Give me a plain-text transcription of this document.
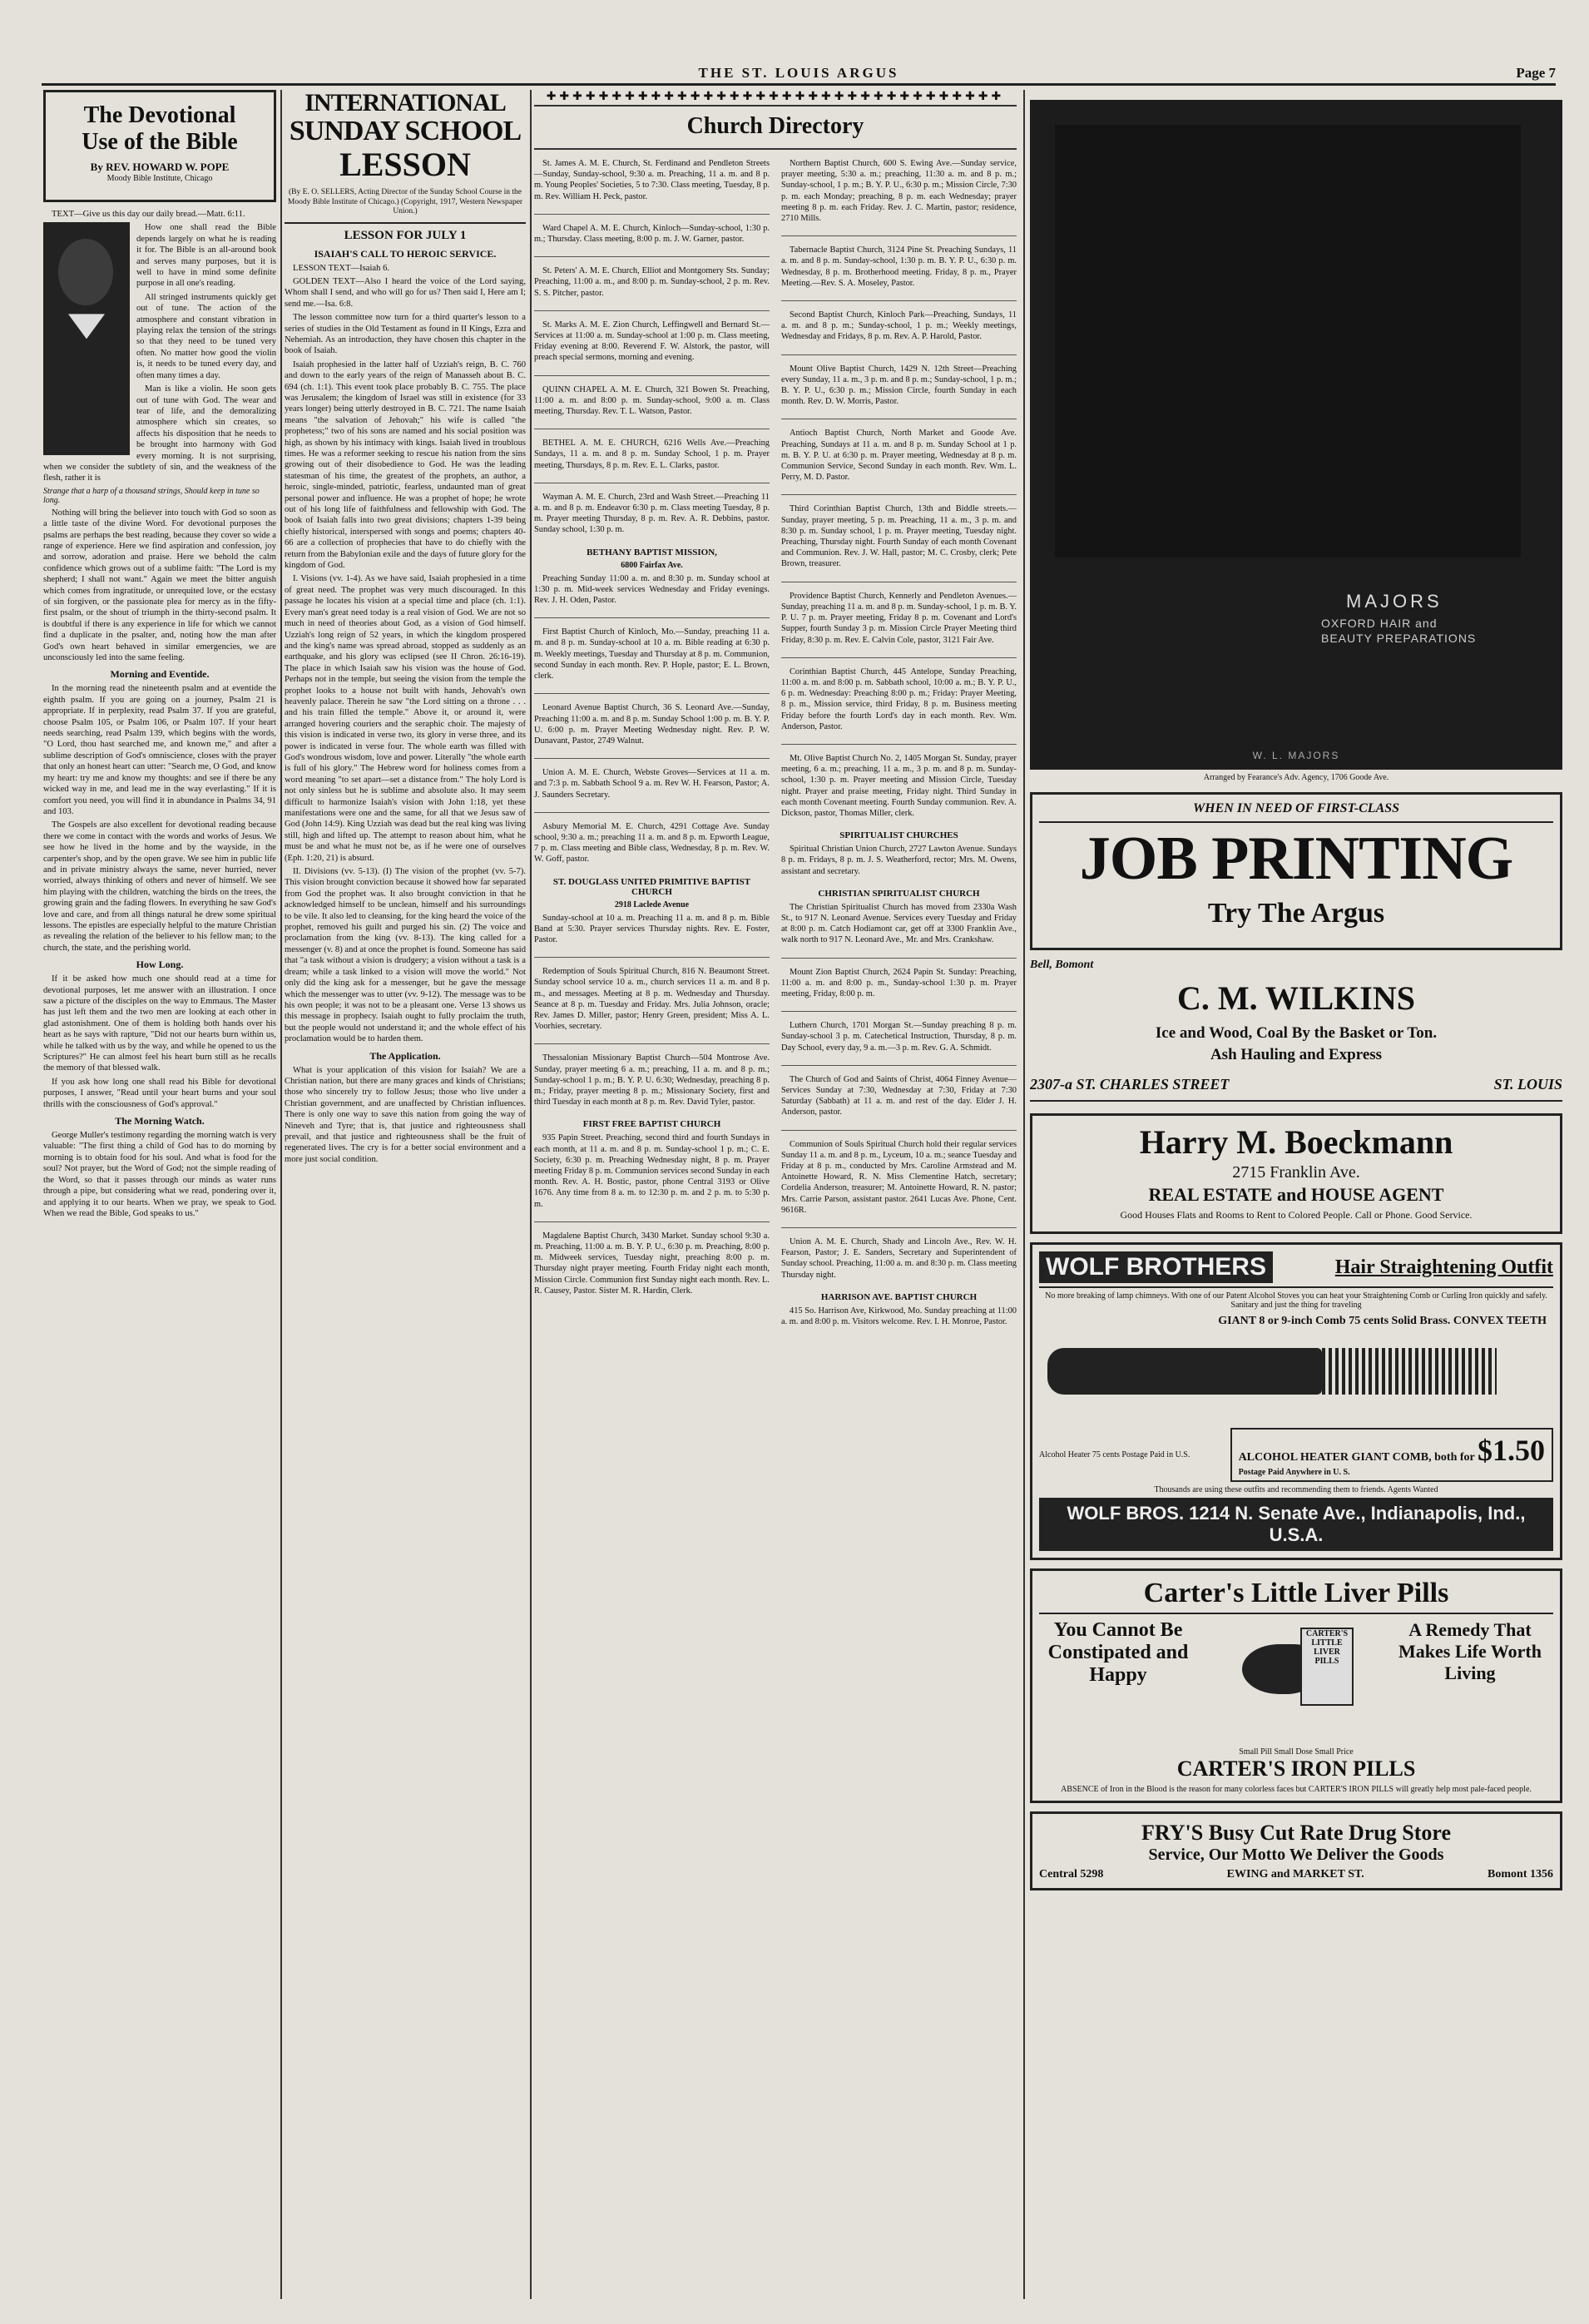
THE ST. LOUIS ARGUS	Page 7
The Devotional
Use of the Bible
By REV. HOWARD W. POPE
Moody Bible Institute, Chicago

TEXT—Give us this day our daily bread.—Matt. 6:11.

How one shall read the Bible depends largely on what he is reading it for. The Bible is an all-around book and serves many purposes, but it is well to have in mind some definite purpose in all one's reading.

All stringed instruments quickly get out of tune. The action of the atmosphere and constant vibration in playing relax the tension of the strings so that they need to be tuned very often. No matter how good the violin is, it needs to be tuned every day, and often many times a day.

Man is like a violin. He soon gets out of tune with God. The wear and tear of life, and the demoralizing atmosphere which sin creates, so affects his disposition that he needs to be brought into harmony with God every morning. It is not surprising, when we consider the subtlety of sin, and the weakness of the flesh, rather it is

Strange that a harp of a thousand strings, Should keep in tune so long.

Nothing will bring the believer into touch with God so soon as a little taste of the divine Word. For devotional purposes the psalms are perhaps the best reading, because they cover so wide a range of experience. Here we find aspiration and confession, joy and sorrow, adoration and praise. Here we behold the calm confidence which grows out of a sublime faith: "The Lord is my shepherd; I shall not want." Again we meet the bitter anguish which comes from ingratitude, or unrequited love, or the ecstasy of sin forgiven, or the passionate plea for mercy as in the fifty-first psalm, or the shout of triumph in the thirty-second psalm. It is doubtful if there is any experience in life for which we cannot find a duplicate in the psalter, and, noting how the man after God's own heart behaved in similar emergencies, we are unconsciously led into the same feeling.

Morning and Eventide.

In the morning read the nineteenth psalm and at eventide the eighth psalm. If you are going on a journey, Psalm 21 is appropriate. If in perplexity, read Psalm 37. If you are grateful, choose Psalm 105, or Psalm 106, or Psalm 107. If your heart needs searching, read Psalm 139, which begins with the words, "O Lord, thou hast searched me, and known me," and after a sublime description of God's omniscience, closes with the prayer that only an honest heart can utter: "Search me, O God, and know my heart: try me and know my thoughts: and see if there be any wicked way in me, and lead me in the way everlasting." If it is comfort you need, you will find it in abundance in Psalms 34, 91 and 103.

The Gospels are also excellent for devotional reading because there we come in contact with the words and works of Jesus. We see how he lived in the home and by the wayside, in the carpenter's shop, and by the open grave. We see him in public life and in private ministry always the same, never hurried, never worried, always thinking of others and never of himself. We see him playing with the children, watching the birds on the trees, the growing grain and the fading flowers. In everything he saw God's love and care, and from all things natural he drew some spiritual lessons. The epistles are especially helpful to the mature Christian as revealing the relation of the believer to his fellow man; to the church, the state, and the perishing world.

How Long.

If it be asked how much one should read at a time for devotional purposes, let me answer with an illustration. I once saw a picture of the disciples on the way to Emmaus. The Master has just left them and the two men are looking at each other in glad astonishment. One of them is holding both hands over his heart as he says with rapture, "Did not our hearts burn within us, while he talked with us by the way, and while he opened to us the Scriptures?" He can almost feel his heart burn still as he recalls the memory of that blessed walk.

If you ask how long one shall read his Bible for devotional purposes, I answer, "Read until your heart burns and your soul thrills with the consciousness of God's approval."

The Morning Watch.

George Muller's testimony regarding the morning watch is very valuable: "The first thing a child of God has to do morning by morning is to obtain food for his soul. And what is food for the soul? Not prayer, but the Word of God; not the simple reading of the Word, so that it passes through our minds as water runs through a pipe, but considering what we read, pondering over it, and applying it to our hearts. When we pray, we speak to God. When we read the Bible, God speaks to us."

INTERNATIONAL
SUNDAY SCHOOL
LESSON
(By E. O. SELLERS, Acting Director of the Sunday School Course in the Moody Bible Institute of Chicago.) (Copyright, 1917, Western Newspaper Union.)
LESSON FOR JULY 1
ISAIAH'S CALL TO HEROIC SERVICE.

LESSON TEXT—Isaiah 6.

GOLDEN TEXT—Also I heard the voice of the Lord saying, Whom shall I send, and who will go for us? Then said I, Here am I; send me.—Isa. 6:8.

The lesson committee now turn for a third quarter's lesson to a series of studies in the Old Testament as found in II Kings, Ezra and Nehemiah. As an introduction, they have chosen this chapter in the book of Isaiah.

Isaiah prophesied in the latter half of Uzziah's reign, B. C. 760 and down to the early years of the reign of Manasseh about B. C. 694 (ch. 1:1). This event took place probably B. C. 755. The place was Jerusalem; the kingdom of Israel was still in existence (for 33 years longer) being utterly destroyed in B. C. 721. The name Isaiah means "the salvation of Jehovah;" his wife is called "the prophetess;" two of his sons are named and his social position was high, as shown by his intimacy with kings. Isaiah lived in troublous times. He was a reformer seeking to rescue his nation from the sins growing out of their disobedience to God. He was the leading statesman of his time, the greatest of the prophets, an author, a heroic, single-minded, patriotic, fearless, undaunted man of great personal power and influence. He was a prophet of hope; he wrote out of his long life of faithfulness and fellowship with God. The book of Isaiah falls into two great divisions; chapters 1-39 being chiefly historical, interspersed with songs and poems; chapters 40-66 are a collection of prophecies that have to do chiefly with the return from the Babylonian exile and the days of future glory for the kingdom of God.

I. Visions (vv. 1-4). As we have said, Isaiah prophesied in a time of great need. The prophet was very much discouraged. In this passage he locates his vision at a special time and place (ch. 1:1). Every man's great need today is a real vision of God. We are not so much in need of theories about God, as a vision of God himself. Uzziah's long reign of 52 years, in which the kingdom prospered and the king's name was spread abroad, stopped as suddenly as an earthquake, and his glory was eclipsed (see II Chron. 26:16-19). The place in which Isaiah saw his vision was the house of God. Perhaps not in the temple, but seeing the vision from the temple the prophet looks to a house not built with hands, Jehovah's own heavenly palace. Therein he saw "the Lord sitting on a throne . . . and his train filled the temple." Above it, or around it, were arranged hovering couriers and the seraphic choir. The majesty of this vision is indicated in verse two, its glory in verse three, and its power is indicated in verse four. The whole earth was filled with God's wondrous wisdom, love and power. Literally "the whole earth is full of his glory." The Hebrew word for holiness comes from a word meaning "to set apart—set a distance from." The holy Lord is not only sinless but he is sublime and absolute also. It may seem difficult to harmonize Isaiah's vision with John 1:18, yet these manifestations were one and the same, for all that we Jesus saw of God (John 14:9). King Uzziah was dead but the real king was living still, high and lifted up. The attempt to reason about him, what he must be and what he must not be, as if he were one of ourselves (Eph. 1:20, 21) is absurd.

II. Divisions (vv. 5-13). (I) The vision of the prophet (vv. 5-7). This vision brought conviction because it showed how far separated from God the prophet was. It also brought conviction in that he acknowledged himself to be unclean, himself and his surroundings to be vile. It also led to cleansing, for the king heard the voice of the prophet, removed his guilt and purged his sin. (2) The voice and proclamation from the king (vv. 8-13). The king called for a messenger (v. 8) and at once the prophet is found. Someone has said that "a task without a vision is drudgery; a vision without a task is a dream; while a task linked to a vision will move the world." Not only did the king ask for a messenger, but he gave the message which the messenger was to utter (vv. 9-12). The message was to be his own people; it was not to be a pleasant one. Verse 13 shows us this message in prophecy. Isaiah ought to fully proclaim the truth, but the people would not understand it; and the whole effect of his proclamation would be to harden them.

The Application.

What is your application of this vision for Isaiah? We are a Christian nation, but there are many graces and kinds of Christians; those who sincerely try to follow Jesus; those who live under a Christian government, and are unaffected by Christian influences. There is only one way to save this nation from going the way of Nineveh and Tyre; that is, that justice and righteousness shall prevail, and that justice and righteousness shall be the fruit of regenerated lives. The cry is for a better social environment and a more just social condition.

✚✚✚✚✚✚✚✚✚✚✚✚✚✚✚✚✚✚✚✚✚✚✚✚✚✚✚✚✚✚✚✚✚✚✚
Church Directory

St. James A. M. E. Church, St. Ferdinand and Pendleton Streets—Sunday, Sunday-school, 9:30 a. m. Preaching, 11 a. m. and 8 p. m. Young Peoples' Societies, 5 to 7:30. Class meeting, Tuesday, 8 p. m. Rev. William H. Peck, pastor.

Ward Chapel A. M. E. Church, Kinloch—Sunday-school, 1:30 p. m.; Thursday. Class meeting, 8:00 p. m. J. W. Garner, pastor.

St. Peters' A. M. E. Church, Elliot and Montgomery Sts. Sunday; Preaching, 11:00 a. m., and 8:00 p. m. Sunday-school, 2 p. m. Rev. S. S. Pitcher, pastor.

St. Marks A. M. E. Zion Church, Leffingwell and Bernard St.—Services at 11:00 a. m. Sunday-school at 1:00 p. m. Class meeting, Friday evening at 8:00. Reverend F. W. Alstork, the pastor, will preach special sermons, morning and evening.

QUINN CHAPEL A. M. E. Church, 321 Bowen St. Preaching, 11:00 a. m. and 8:00 p. m. Sunday-school, 9:00 a. m. Class meeting, Thursday. Rev. T. L. Watson, Pastor.

BETHEL A. M. E. CHURCH, 6216 Wells Ave.—Preaching Sundays, 11 a. m. and 8 p. m. Sunday School, 1 p. m. Prayer meeting, Thursdays, 8 p. m. Rev. E. L. Clarks, pastor.

Wayman A. M. E. Church, 23rd and Wash Street.—Preaching 11 a. m. and 8 p. m. Endeavor 6:30 p. m. Class meeting Tuesday, 8 p. m. Prayer meeting Thursday, 8 p. m. Rev. A. R. Debbins, pastor. Sunday school, 1:30 p. m.

BETHANY BAPTIST MISSION,
6800 Fairfax Ave.

Preaching Sunday 11:00 a. m. and 8:30 p. m. Sunday school at 1:30 p. m. Mid-week services Wednesday and Friday evenings. Rev. J. H. Oden, Pastor.

First Baptist Church of Kinloch, Mo.—Sunday, preaching 11 a. m. and 8 p. m. Sunday-school at 10 a. m. Bible reading at 6:30 p. m. Weekly meetings, Tuesday and Thursday at 8 p. m. Communion, second Sunday in each month. Rev. P. Hople, pastor; E. L. Brown, clerk.

Leonard Avenue Baptist Church, 36 S. Leonard Ave.—Sunday, Preaching 11:00 a. m. and 8 p. m. Sunday School 1:00 p. m. B. Y. P. U. 6:00 p. m. Prayer Meeting Wednesday night. Rev. P. W. Dunavant, Pastor, 2749 Walnut.

Union A. M. E. Church, Webste Groves—Services at 11 a. m. and 7:3 p. m. Sabbath School 9 a. m. Rev W. H. Fearson, Pastor; A. J. Saunders Secretary.

Asbury Memorial M. E. Church, 4291 Cottage Ave. Sunday school, 9:30 a. m.; preaching 11 a. m. and 8 p. m. Epworth League, 7 p. m. Class meeting and Bible class, Wednesday, 8 p. m. Rev. W. W. Goff, pastor.

ST. DOUGLASS UNITED PRIMITIVE BAPTIST CHURCH
2918 Laclede Avenue

Sunday-school at 10 a. m. Preaching 11 a. m. and 8 p. m. Bible Band at 5:30. Prayer services Thursday nights. Rev. E. Foster, Pastor.

Redemption of Souls Spiritual Church, 816 N. Beaumont Street. Sunday school service 10 a. m., church services 11 a. m. and 8 p. m., and messages. Meeting at 8 p. m. Wednesday and Thursday. Seance at 8 p. m. Tuesday and Friday. Mrs. Julia Johnson, oracle; Rev. James D. Miller, pastor; Henry Green, president; Miss A. L. Voorhies, secretary.

Thessalonian Missionary Baptist Church—504 Montrose Ave. Sunday, prayer meeting 6 a. m.; preaching, 11 a. m. and 8 p. m.; Sunday-school 1 p. m.; B. Y. P. U. 6:30; Wednesday, preaching 8 p. m.; Friday, prayer meeting 8 p. m.; Missionary Society, first and third Tuesday in each month at 8 p. m. Rev. David Tyler, pastor.

FIRST FREE BAPTIST CHURCH

935 Papin Street. Preaching, second third and fourth Sundays in each month, at 11 a. m. and 8 p. m. Sunday-school 1 p. m.; C. E. Society, 6:30 p. m. Preaching Wednesday night, 8 p. m. Prayer meeting Friday 8 p. m. Communion services second Sunday in each month. Rev. A. H. Bostic, pastor, phone Central 3193 or Olive 1676. Any time from 8 a. m. to 12:30 p. m. and 2 p. m. to 5:30 p. m.

Magdalene Baptist Church, 3430 Market. Sunday school 9:30 a. m. Preaching, 11:00 a. m. B. Y. P. U., 6:30 p. m. Preaching, 8:00 p. m. Midweek services, Tuesday night, preaching 8:00 p. m. Thursday night prayer meeting. Fourth Friday night each month, Mission Circle. Communion first Sunday night each month. Rev. L. R. Causey, Pastor. Sister M. R. Hardin, Clerk.

Northern Baptist Church, 600 S. Ewing Ave.—Sunday service, prayer meeting, 5:30 a. m.; preaching, 11:30 a. m. and 8 p. m.; Sunday-school, 1 p. m.; B. Y. P. U., 6:30 p. m.; Mission Circle, 7:30 p. m. each Monday; preaching, 8 p. m. each Wednesday; prayer meeting 8 p. m. each Friday. Rev. J. C. Martin, pastor; residence, 2710 Mills.

Tabernacle Baptist Church, 3124 Pine St. Preaching Sundays, 11 a. m. and 8 p. m. Sunday-school, 1:30 p. m. B. Y. P. U., 6:30 p. m. Wednesday, 8 p. m. Brotherhood meeting. Friday, 8 p. m., Prayer Meeting.—Rev. S. A. Moseley, Pastor.

Second Baptist Church, Kinloch Park—Preaching, Sundays, 11 a. m. and 8 p. m.; Sunday-school, 1 p. m.; Weekly meetings, Wednesday and Fridays, 8 p. m. Rev. A. P. Harold, Pastor.

Mount Olive Baptist Church, 1429 N. 12th Street—Preaching every Sunday, 11 a. m., 3 p. m. and 8 p. m.; Sunday-school, 1 p. m.; B. Y. P. U., 6:30 p. m.; Mission Circle, fourth Sunday in each month. Rev. D. W. Morris, Pastor.

Antioch Baptist Church, North Market and Goode Ave. Preaching, Sundays at 11 a. m. and 8 p. m. Sunday School at 1 p. m. B. Y. P. U. at 6:30 p. m. Prayer meeting, Wednesday at 8 p. m. Communion Service, Second Sunday in each month. Rev. Wm. L. Perry, M. D. Pastor.

Third Corinthian Baptist Church, 13th and Biddle streets.—Sunday, prayer meeting, 5 p. m. Preaching, 11 a. m., 3 p. m. and 8:30 p. m. Sunday school, 1 p. m. Prayer meeting, Tuesday night. Preaching, Thursday night. Fourth Sunday of each month Covenant and Communion. Rev. J. W. Hall, pastor; M. C. Crosby, clerk; Pete Brown, treasurer.

Providence Baptist Church, Kennerly and Pendleton Avenues.—Sunday, preaching 11 a. m. and 8 p. m. Sunday-school, 1 p. m. B. Y. P. U. 7 p. m. Prayer meeting, Friday 8 p. m. Covenant and Lord's Supper, fourth Sunday 3 p. m. Mission Circle Prayer Meeting third Friday, 8:30 p. m. Rev. E. Calvin Cole, pastor, 3121 Fair Ave.

Corinthian Baptist Church, 445 Antelope, Sunday Preaching, 11:00 a. m. and 8:00 p. m. Sabbath school, 10:00 a. m.; B. Y. P. U., 6 p. m. Wednesday: Preaching 8:00 p. m.; Friday: Prayer Meeting, 8 p. m., Mission service, third Friday, 8 p. m. Business meeting Friday before the fourth Lord's day in each month. Rev. Wm. Anderson, Pastor.

Mt. Olive Baptist Church No. 2, 1405 Morgan St. Sunday, prayer meeting, 6 a. m.; preaching, 11 a. m., 3 p. m. and 8 p. m. Sunday-school, 1:30 p. m. Prayer meeting and Mission Circle, Tuesday night. Prayer and praise meeting, Friday night. Third Sunday in each month Covenant meeting. Fourth Sunday communion. Rev. A. Dickson, pastor, Thomas Miller, clerk.

SPIRITUALIST CHURCHES

Spiritual Christian Union Church, 2727 Lawton Avenue. Sundays 8 p. m. Fridays, 8 p. m. J. S. Weatherford, rector; Mrs. M. Owens, assistant and secretary.

CHRISTIAN SPIRITUALIST CHURCH

The Christian Spiritualist Church has moved from 2330a Wash St., to 917 N. Leonard Avenue. Services every Tuesday and Friday at 8:00 p. m. Catch Hodiamont car, get off at 3300 Franklin Ave., walk north to 917 N. Leonard Ave., Mr. and Mrs. Crankshaw.

Mount Zion Baptist Church, 2624 Papin St. Sunday: Preaching, 11:00 a. m. and 8:00 p. m., Sunday-school 1:30 p. m. Prayer meeting, Friday, 8:00 p. m.

Luthern Church, 1701 Morgan St.—Sunday preaching 8 p. m. Sunday-school 3 p. m. Catechetical Instruction, Thursday, 8 p. m. Day School, every day, 9 a. m.—3 p. m. Rev. G. A. Schmidt.

The Church of God and Saints of Christ, 4064 Finney Avenue—Services Sunday at 7:30, Wednesday at 7:30, Friday at 7:30 Saturday (Sabbath) at 11 a. m. and rest of the day. Elder J. H. Anderson, pastor.

Communion of Souls Spiritual Church hold their regular services Sunday 11 a. m. and 8 p. m., Lyceum, 10 a. m.; seance Tuesday and Friday at 8 p. m., conducted by Mrs. Caroline Armstead and M. Antoinette Howard, R. N. Miss Clementine Hatch, secretary; Cordelia Anderson, treasurer; M. Antoinette Howard, R. N. pastor; Mrs. Carrie Parson, assistant pastor. 2641 Lucas Ave. Phone, Cent. 9616R.

Union A. M. E. Church, Shady and Lincoln Ave., Rev. W. H. Fearson, Pastor; J. E. Sanders, Secretary and Superintendent of Sunday school. Preaching, 11:00 a. m. and 8:30 p. m. Class meeting Thursday night.

HARRISON AVE. BAPTIST CHURCH

415 So. Harrison Ave, Kirkwood, Mo. Sunday preaching at 11:00 a. m. and 8:00 p. m. Visitors welcome. Rev. I. H. Monroe, Pastor.

MAJORS
OXFORD HAIR and
BEAUTY PREPARATIONS
W. L. MAJORS
Arranged by Fearance's Adv. Agency, 1706 Goode Ave.
WHEN IN NEED OF FIRST-CLASS
JOB PRINTING
Try The Argus
Bell, Bomont
C. M. WILKINS
Ice and Wood, Coal By the Basket or Ton.
Ash Hauling and Express
2307-a ST. CHARLES STREET	ST. LOUIS
Harry M. Boeckmann
2715 Franklin Ave.
REAL ESTATE and HOUSE AGENT
Good Houses Flats and Rooms to Rent to Colored People. Call or Phone. Good Service.
WOLF BROTHERS	Hair Straightening Outfit
No more breaking of lamp chimneys. With one of our Patent Alcohol Stoves you can heat your Straightening Comb or Curling Iron quickly and safely. Sanitary and just the thing for traveling
GIANT 8 or 9-inch Comb 75 cents Solid Brass. CONVEX TEETH
Alcohol Heater 75 cents Postage Paid in U.S.	ALCOHOL HEATER GIANT COMB, both for $1.50
Postage Paid Anywhere in U. S.
Thousands are using these outfits and recommending them to friends. Agents Wanted
WOLF BROS. 1214 N. Senate Ave., Indianapolis, Ind., U.S.A.
Carter's Little Liver Pills
You Cannot Be Constipated and Happy
CARTER'S LITTLE LIVER PILLS
A Remedy That Makes Life Worth Living
Small Pill Small Dose Small Price
CARTER'S IRON PILLS
ABSENCE of Iron in the Blood is the reason for many colorless faces but CARTER'S IRON PILLS will greatly help most pale-faced people.
FRY'S Busy Cut Rate Drug Store
Service, Our Motto We Deliver the Goods
Central 5298	EWING and MARKET ST.	Bomont 1356
